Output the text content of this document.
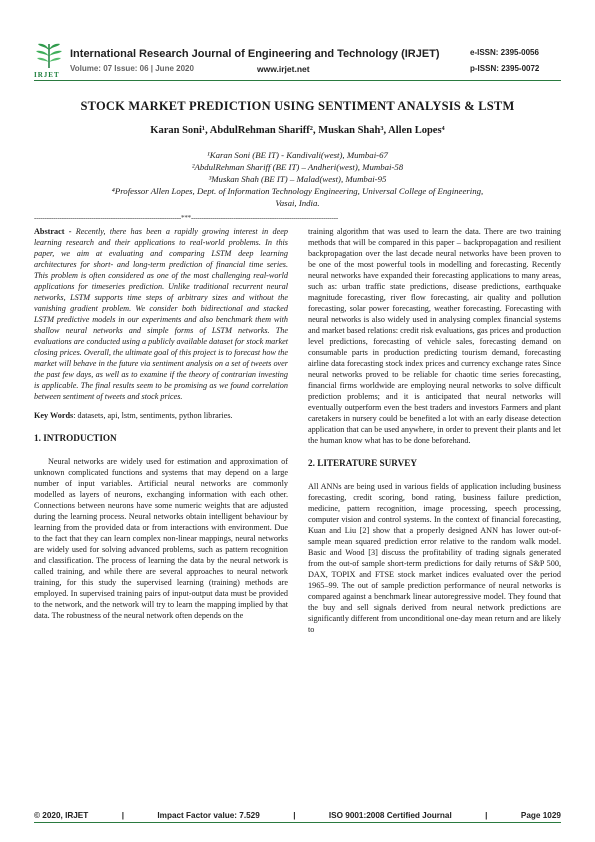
IRJET
International Research Journal of Engineering and Technology (IRJET)
Volume: 07 Issue: 06 | June 2020	www.irjet.net
e-ISSN: 2395-0056
p-ISSN: 2395-0072
STOCK MARKET PREDICTION USING SENTIMENT ANALYSIS & LSTM
Karan Soni¹, AbdulRehman Shariff², Muskan Shah³, Allen Lopes⁴
¹Karan Soni (BE IT) - Kandivali(west), Mumbai-67
²AbdulRehman Shariff (BE IT) – Andheri(west), Mumbai-58
³Muskan Shah (BE IT) – Malad(west), Mumbai-95
⁴Professor Allen Lopes, Dept. of Information Technology Engineering, Universal College of Engineering,
Vasai, India.
---------------------------------------------------------------------***---------------------------------------------------------------------

Abstract - Recently, there has been a rapidly growing interest in deep learning research and their applications to real-world problems. In this paper, we aim at evaluating and comparing LSTM deep learning architectures for short- and long-term prediction of financial time series. This problem is often considered as one of the most challenging real-world applications for timeseries prediction. Unlike traditional recurrent neural networks, LSTM supports time steps of arbitrary sizes and without the vanishing gradient problem. We consider both bidirectional and stacked LSTM predictive models in our experiments and also benchmark them with shallow neural networks and simple forms of LSTM networks. The evaluations are conducted using a publicly available dataset for stock market closing prices. Overall, the ultimate goal of this project is to forecast how the market will behave in the future via sentiment analysis on a set of tweets over the past few days, as well as to examine if the theory of contrarian investing is applicable. The final results seem to be promising as we found correlation between sentiment of tweets and stock prices.

Key Words: datasets, api, lstm, sentiments, python libraries.

1. INTRODUCTION

Neural networks are widely used for estimation and approximation of unknown complicated functions and systems that may depend on a large number of input variables. Artificial neural networks are commonly modelled as layers of neurons, exchanging information with each other. Connections between neurons have some numeric weights that are adjusted during the learning process. Neural networks obtain intelligent behaviour by learning from the provided data or from interactions with environment. Due to the fact that they can learn complex non-linear mappings, neural networks are widely used for solving advanced problems, such as pattern recognition and classification. The process of learning the data by the neural network is called training, and while there are several approaches to neural network training, for this study the supervised learning (training) methods are employed. In supervised training pairs of input-output data must be provided to the network, and the network will try to learn the mapping implied by that data. The robustness of the neural network often depends on the

training algorithm that was used to learn the data. There are two training methods that will be compared in this paper – backpropagation and resilient backpropagation over the last decade neural networks have been proven to be one of the most powerful tools in modelling and forecasting. Recently neural networks have expanded their forecasting applications to many areas, such as: urban traffic state predictions, disease predictions, earthquake magnitude forecasting, river flow forecasting, air quality and pollution forecasting, solar power forecasting, weather forecasting. Forecasting with neural networks is also widely used in analysing complex financial systems and market based relations: credit risk evaluations, gas prices and production level predictions, forecasting of vehicle sales, forecasting demand on consumable parts in production predicting tourism demand, forecasting airline data forecasting stock index prices and currency exchange rates Since neural networks proved to be reliable for chaotic time series forecasting, financial firms worldwide are employing neural networks to solve difficult prediction problems; and it is anticipated that neural networks will eventually outperform even the best traders and investors Farmers and plant caretakers in nursery could be benefited a lot with an early disease detection application that can be used anywhere, in order to prevent their plants and let the human know what has to be done beforehand.

2. LITERATURE SURVEY

All ANNs are being used in various fields of application including business forecasting, credit scoring, bond rating, business failure prediction, medicine, pattern recognition, image processing, speech processing, computer vision and control systems. In the context of financial forecasting, Kuan and Liu [2] show that a properly designed ANN has lower out-of-sample mean squared prediction error relative to the random walk model. Basic and Wood [3] discuss the profitability of trading signals generated from the out-of sample short-term predictions for daily returns of S&P 500, DAX, TOPIX and FTSE stock market indices evaluated over the period 1965–99. The out of sample prediction performance of neural networks is compared against a benchmark linear autoregressive model. They found that the buy and sell signals derived from neural network predictions are significantly different from unconditional one-day mean return and are likely to

© 2020, IRJET	|	Impact Factor value: 7.529	|	ISO 9001:2008 Certified Journal	|	Page 1029
